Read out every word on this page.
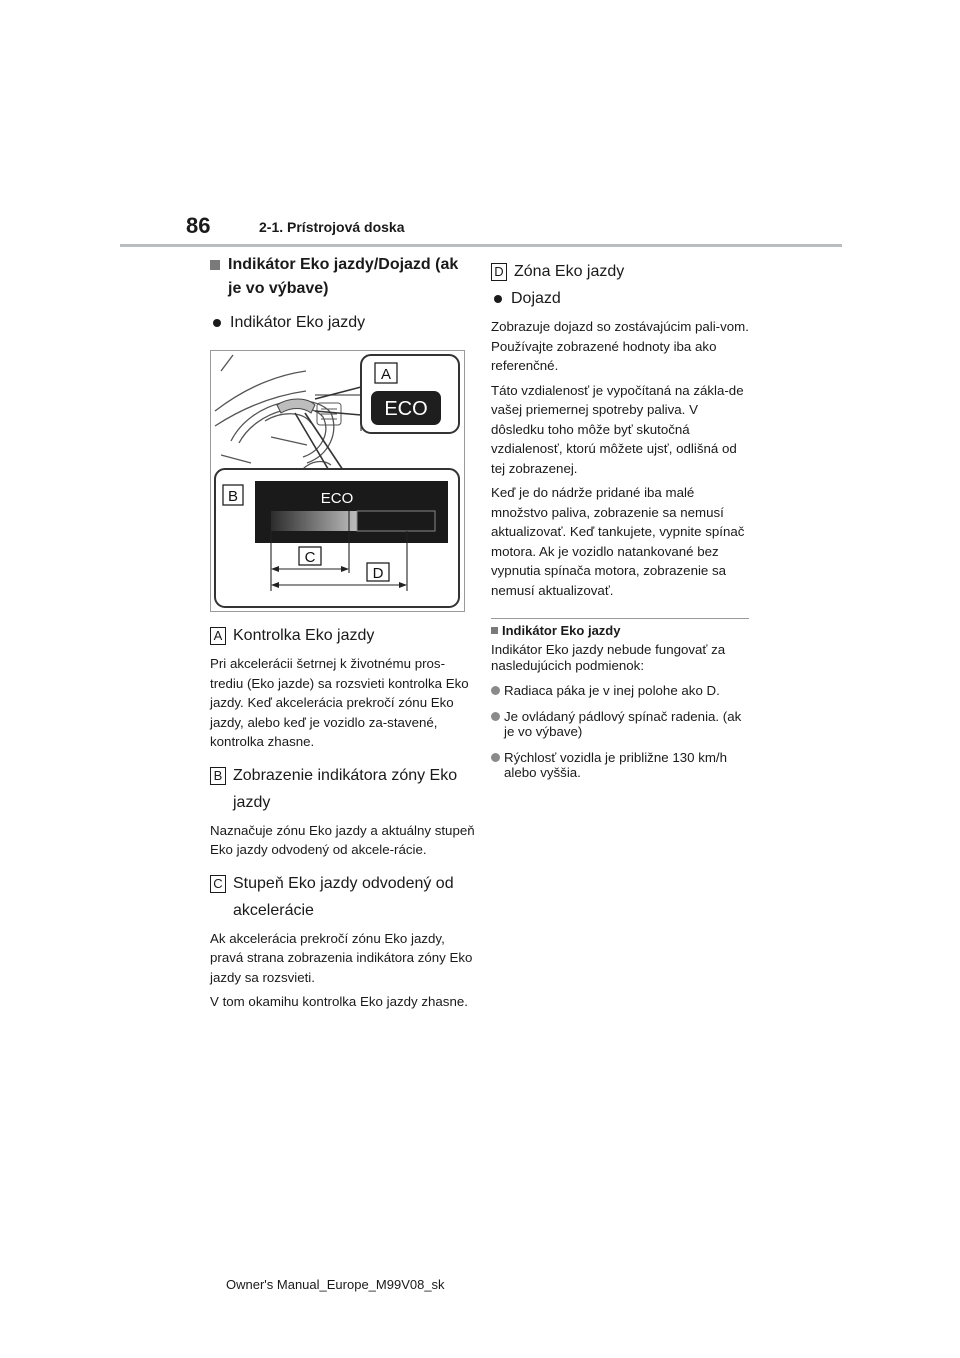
86	2-1. Prístrojová doska
Indikátor Eko jazdy/Dojazd (ak je vo výbave)
Indikátor Eko jazdy
A
ECO
B	ECO
C
D
A Kontrolka Eko jazdy

Pri akcelerácii šetrnej k životnému pros-trediu (Eko jazde) sa rozsvieti kontrolka Eko jazdy. Keď akcelerácia prekročí zónu Eko jazdy, alebo keď je vozidlo za-stavené, kontrolka zhasne.

B Zobrazenie indikátora zóny Eko jazdy

Naznačuje zónu Eko jazdy a aktuálny stupeň Eko jazdy odvodený od akcele-rácie.

C Stupeň Eko jazdy odvodený od akcelerácie

Ak akcelerácia prekročí zónu Eko jazdy, pravá strana zobrazenia indikátora zóny Eko jazdy sa rozsvieti.

V tom okamihu kontrolka Eko jazdy zhasne.

D Zóna Eko jazdy
Dojazd

Zobrazuje dojazd so zostávajúcim pali-vom. Používajte zobrazené hodnoty iba ako referenčné.

Táto vzdialenosť je vypočítaná na zákla-de vašej priemernej spotreby paliva. V dôsledku toho môže byť skutočná vzdialenosť, ktorú môžete ujsť, odlišná od tej zobrazenej.

Keď je do nádrže pridané iba malé množstvo paliva, zobrazenie sa nemusí aktualizovať. Keď tankujete, vypnite spínač motora. Ak je vozidlo natankované bez vypnutia spínača motora, zobrazenie sa nemusí aktualizovať.

Indikátor Eko jazdy
Indikátor Eko jazdy nebude fungovať za nasledujúcich podmienok:
Radiaca páka je v inej polohe ako D.
Je ovládaný pádlový spínač radenia. (ak je vo výbave)
Rýchlosť vozidla je približne 130 km/h alebo vyššia.
Owner's Manual_Europe_M99V08_sk
